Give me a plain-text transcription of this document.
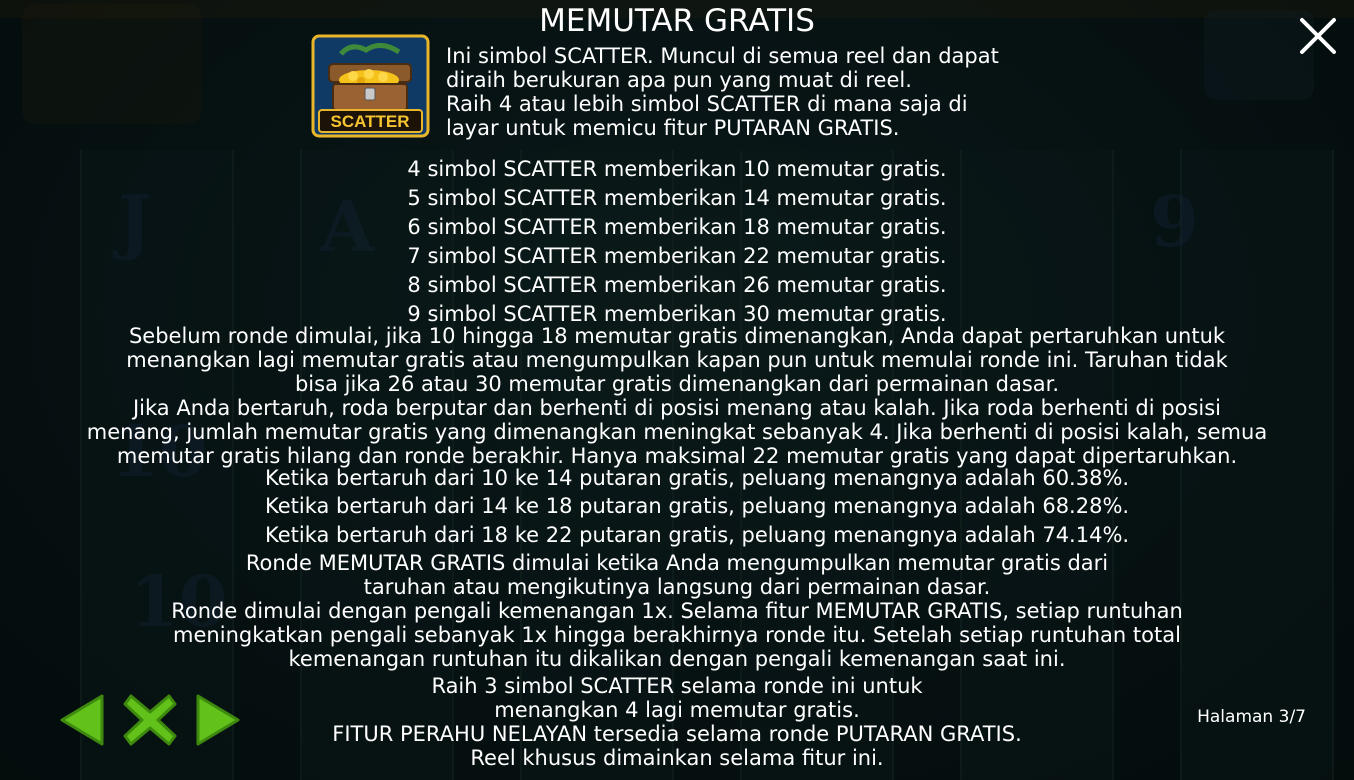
J A	9
10
10
MEMUTAR GRATIS
SCATTER
Ini simbol SCATTER. Muncul di semua reel dan dapat
diraih berukuran apa pun yang muat di reel.
Raih 4 atau lebih simbol SCATTER di mana saja di
layar untuk memicu fitur PUTARAN GRATIS.
4 simbol SCATTER memberikan 10 memutar gratis.
5 simbol SCATTER memberikan 14 memutar gratis.
6 simbol SCATTER memberikan 18 memutar gratis.
7 simbol SCATTER memberikan 22 memutar gratis.
8 simbol SCATTER memberikan 26 memutar gratis.
9 simbol SCATTER memberikan 30 memutar gratis.
Sebelum ronde dimulai, jika 10 hingga 18 memutar gratis dimenangkan, Anda dapat pertaruhkan untuk
menangkan lagi memutar gratis atau mengumpulkan kapan pun untuk memulai ronde ini. Taruhan tidak
bisa jika 26 atau 30 memutar gratis dimenangkan dari permainan dasar.
Jika Anda bertaruh, roda berputar dan berhenti di posisi menang atau kalah. Jika roda berhenti di posisi
menang, jumlah memutar gratis yang dimenangkan meningkat sebanyak 4. Jika berhenti di posisi kalah, semua
memutar gratis hilang dan ronde berakhir. Hanya maksimal 22 memutar gratis yang dapat dipertaruhkan.
Ketika bertaruh dari 10 ke 14 putaran gratis, peluang menangnya adalah 60.38%.
Ketika bertaruh dari 14 ke 18 putaran gratis, peluang menangnya adalah 68.28%.
Ketika bertaruh dari 18 ke 22 putaran gratis, peluang menangnya adalah 74.14%.
Ronde MEMUTAR GRATIS dimulai ketika Anda mengumpulkan memutar gratis dari
taruhan atau mengikutinya langsung dari permainan dasar.
Ronde dimulai dengan pengali kemenangan 1x. Selama fitur MEMUTAR GRATIS, setiap runtuhan
meningkatkan pengali sebanyak 1x hingga berakhirnya ronde itu. Setelah setiap runtuhan total
kemenangan runtuhan itu dikalikan dengan pengali kemenangan saat ini.
Raih 3 simbol SCATTER selama ronde ini untuk
menangkan 4 lagi memutar gratis.
FITUR PERAHU NELAYAN tersedia selama ronde PUTARAN GRATIS.
Reel khusus dimainkan selama fitur ini.
Halaman 3/7
